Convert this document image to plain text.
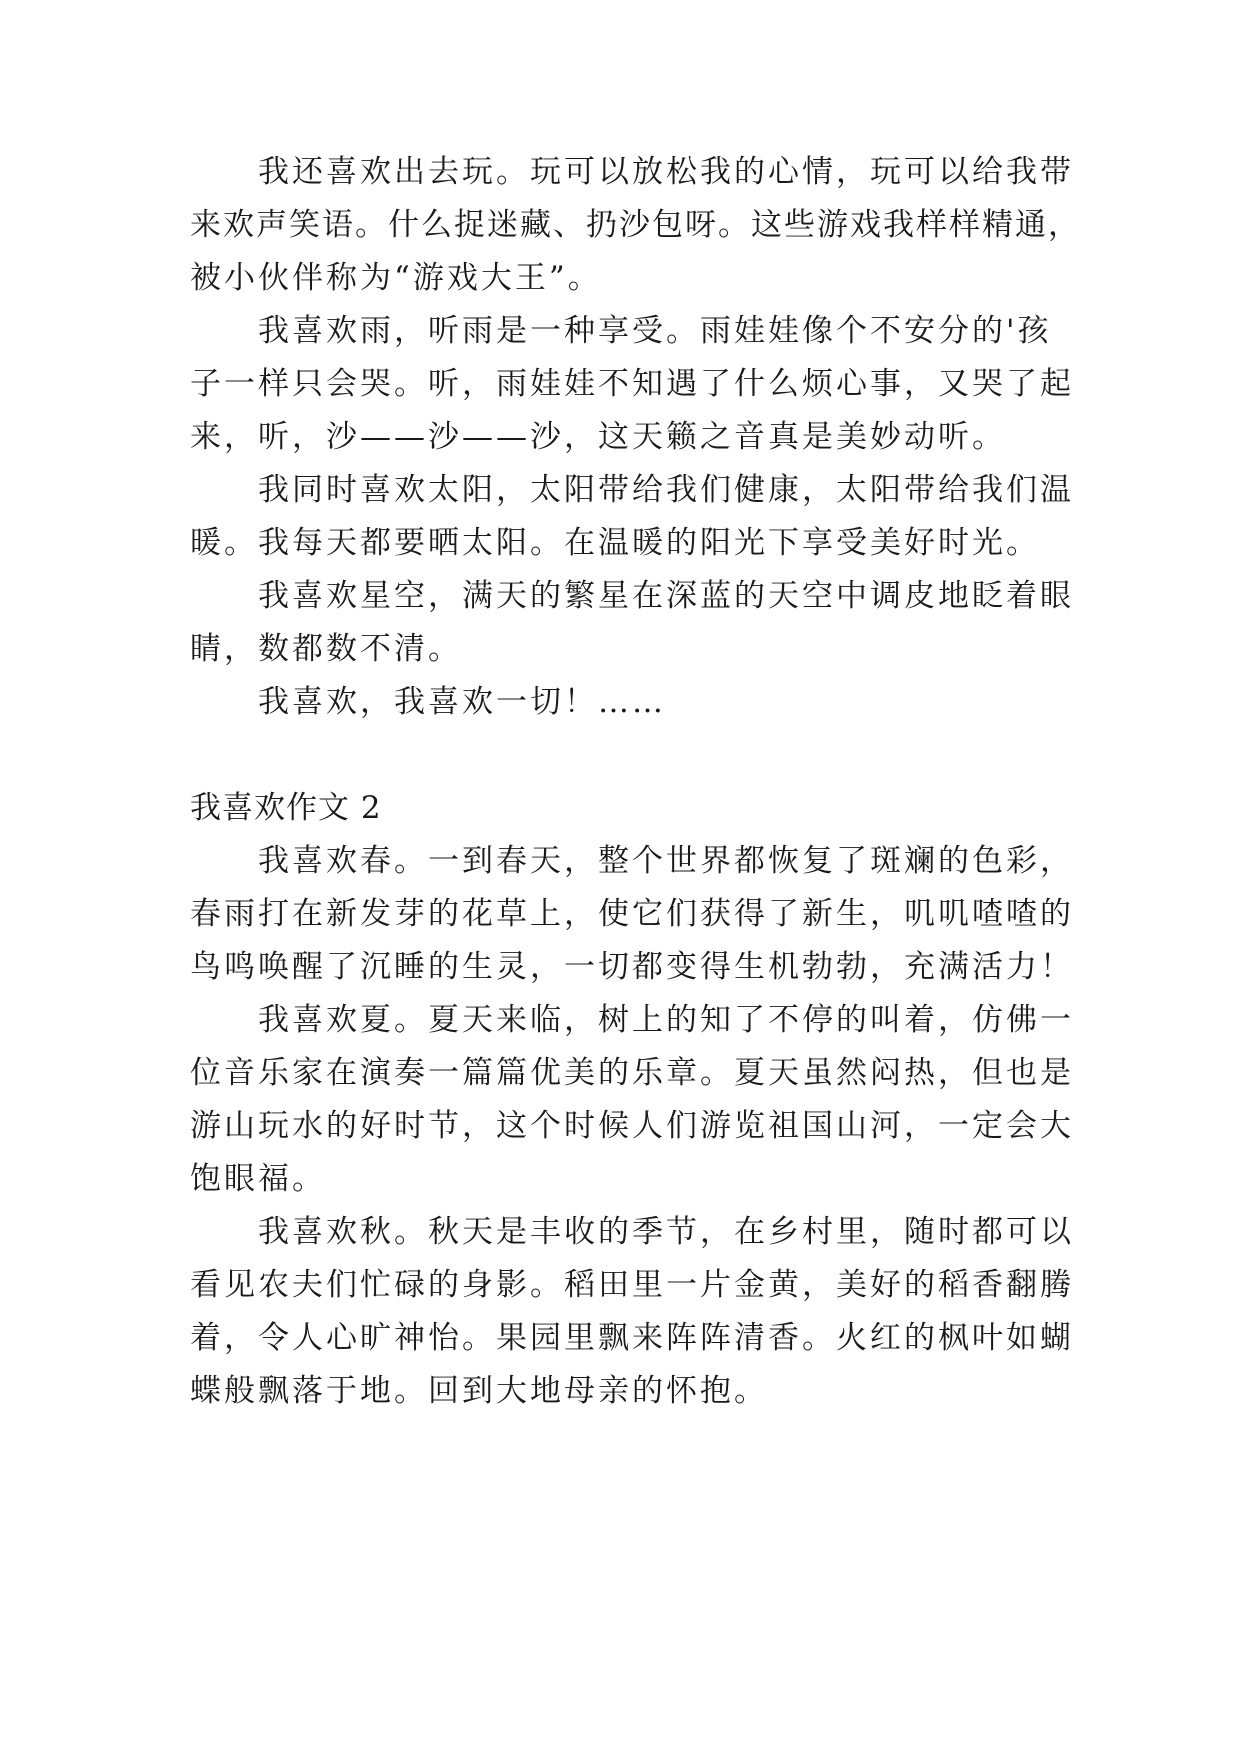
我还喜欢出去玩。玩可以放松我的心情，玩可以给我带
来欢声笑语。什么捉迷藏、扔沙包呀。这些游戏我样样精通，
被小伙伴称为“游戏大王”。
我喜欢雨，听雨是一种享受。雨娃娃像个不安分的'孩
子一样只会哭。听，雨娃娃不知遇了什么烦心事，又哭了起
来，听，沙——沙——沙，这天籁之音真是美妙动听。
我同时喜欢太阳，太阳带给我们健康，太阳带给我们温
暖。我每天都要晒太阳。在温暖的阳光下享受美好时光。
我喜欢星空，满天的繁星在深蓝的天空中调皮地眨着眼
睛，数都数不清。
我喜欢，我喜欢一切！……
我喜欢作文 2
我喜欢春。一到春天，整个世界都恢复了斑斓的色彩，
春雨打在新发芽的花草上，使它们获得了新生，叽叽喳喳的
鸟鸣唤醒了沉睡的生灵，一切都变得生机勃勃，充满活力！
我喜欢夏。夏天来临，树上的知了不停的叫着，仿佛一
位音乐家在演奏一篇篇优美的乐章。夏天虽然闷热，但也是
游山玩水的好时节，这个时候人们游览祖国山河，一定会大
饱眼福。
我喜欢秋。秋天是丰收的季节，在乡村里，随时都可以
看见农夫们忙碌的身影。稻田里一片金黄，美好的稻香翻腾
着，令人心旷神怡。果园里飘来阵阵清香。火红的枫叶如蝴
蝶般飘落于地。回到大地母亲的怀抱。
